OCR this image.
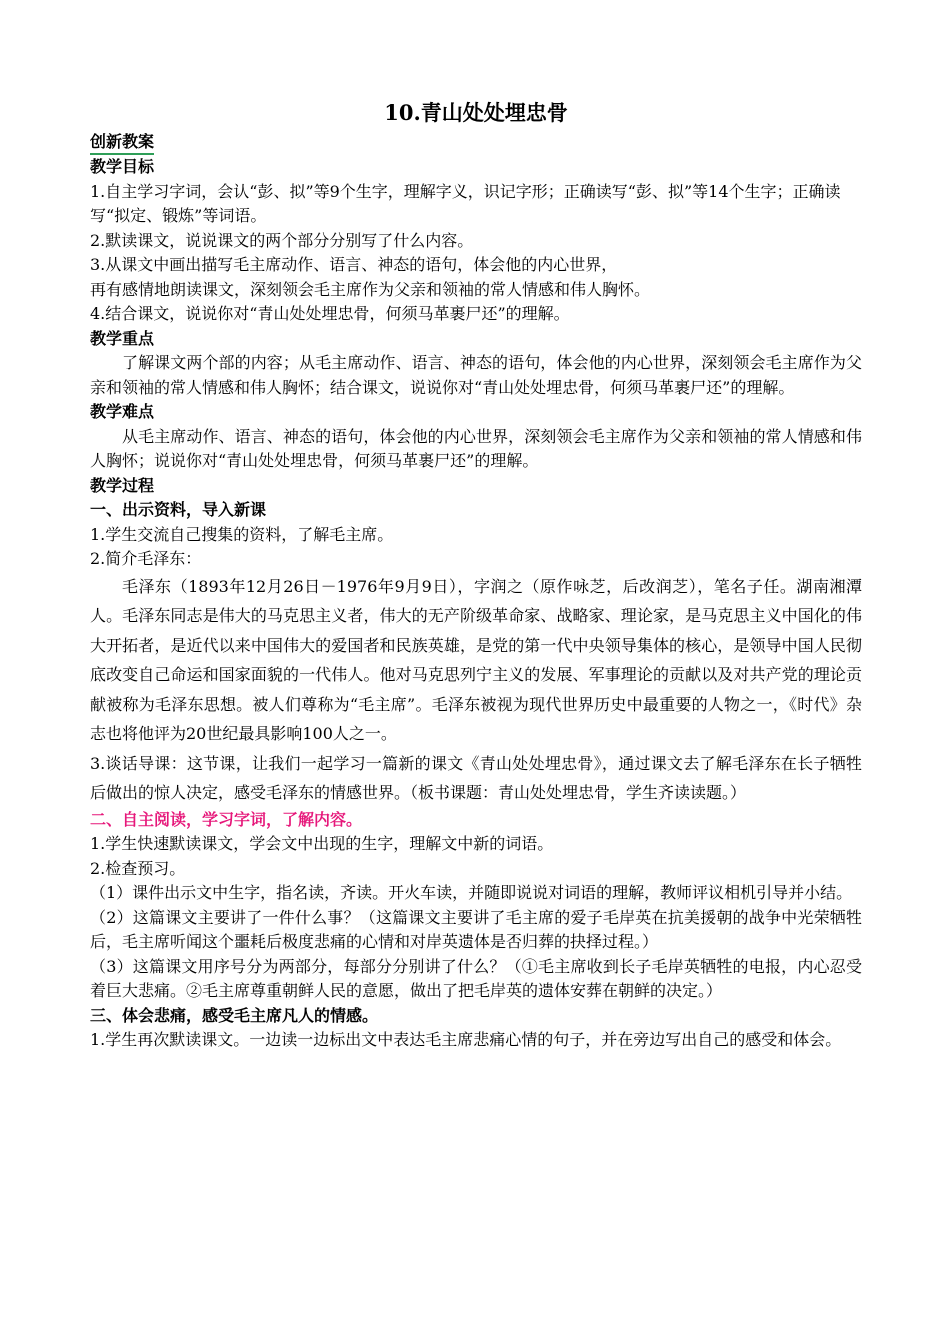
10.青山处处埋忠骨

创新教案

教学目标

1.自主学习字词，会认“彭、拟”等9个生字，理解字义，识记字形；正确读写“彭、拟”等14个生字；正确读写“拟定、锻炼”等词语。

2.默读课文，说说课文的两个部分分别写了什么内容。

3.从课文中画出描写毛主席动作、语言、神态的语句，体会他的内心世界，

再有感情地朗读课文，深刻领会毛主席作为父亲和领袖的常人情感和伟人胸怀。

4.结合课文，说说你对“青山处处埋忠骨，何须马革裹尸还”的理解。

教学重点

了解课文两个部的内容；从毛主席动作、语言、神态的语句，体会他的内心世界，深刻领会毛主席作为父亲和领袖的常人情感和伟人胸怀；结合课文，说说你对“青山处处埋忠骨，何须马革裹尸还”的理解。

教学难点

从毛主席动作、语言、神态的语句，体会他的内心世界，深刻领会毛主席作为父亲和领袖的常人情感和伟人胸怀；说说你对“青山处处埋忠骨，何须马革裹尸还”的理解。

教学过程

一、出示资料，导入新课

1.学生交流自己搜集的资料，了解毛主席。

2.简介毛泽东：

毛泽东（1893年12月26日－1976年9月9日），字润之（原作咏芝，后改润芝），笔名子任。湖南湘潭人。毛泽东同志是伟大的马克思主义者，伟大的无产阶级革命家、战略家、理论家，是马克思主义中国化的伟大开拓者，是近代以来中国伟大的爱国者和民族英雄，是党的第一代中央领导集体的核心，是领导中国人民彻底改变自己命运和国家面貌的一代伟人。他对马克思列宁主义的发展、军事理论的贡献以及对共产党的理论贡献被称为毛泽东思想。被人们尊称为“毛主席”。毛泽东被视为现代世界历史中最重要的人物之一，《时代》杂志也将他评为20世纪最具影响100人之一。

3.谈话导课：这节课，让我们一起学习一篇新的课文《青山处处埋忠骨》，通过课文去了解毛泽东在长子牺牲后做出的惊人决定，感受毛泽东的情感世界。（板书课题：青山处处埋忠骨，学生齐读读题。）

二、自主阅读，学习字词，了解内容。

1.学生快速默读课文，学会文中出现的生字，理解文中新的词语。

2.检查预习。

（1）课件出示文中生字，指名读，齐读。开火车读，并随即说说对词语的理解，教师评议相机引导并小结。

（2）这篇课文主要讲了一件什么事？（这篇课文主要讲了毛主席的爱子毛岸英在抗美援朝的战争中光荣牺牲后，毛主席听闻这个噩耗后极度悲痛的心情和对岸英遗体是否归葬的抉择过程。）

（3）这篇课文用序号分为两部分，每部分分别讲了什么？（①毛主席收到长子毛岸英牺牲的电报，内心忍受着巨大悲痛。②毛主席尊重朝鲜人民的意愿，做出了把毛岸英的遗体安葬在朝鲜的决定。）

三、体会悲痛，感受毛主席凡人的情感。

1.学生再次默读课文。一边读一边标出文中表达毛主席悲痛心情的句子，并在旁边写出自己的感受和体会。
